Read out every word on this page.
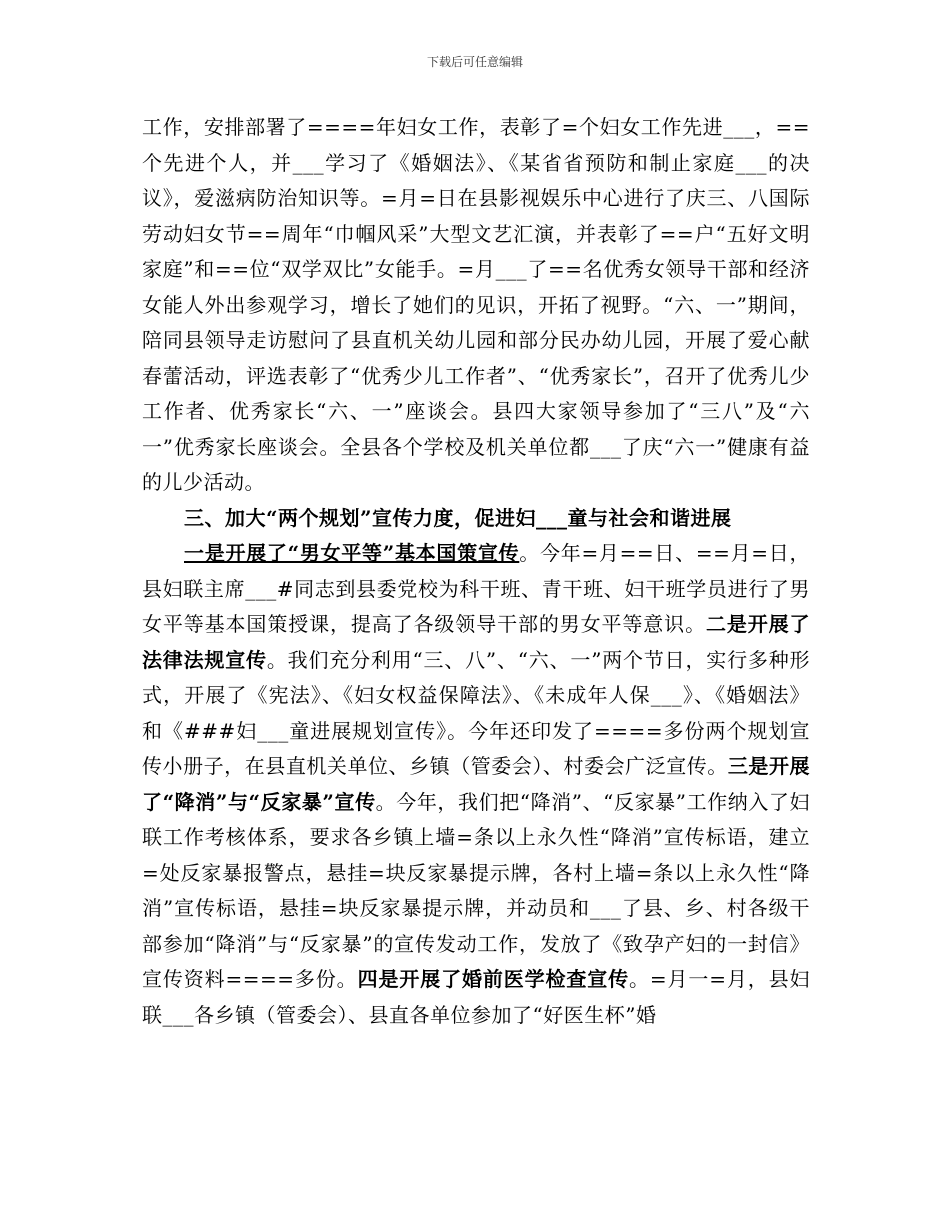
下载后可任意编辑

工作，安排部署了====年妇女工作，表彰了=个妇女工作先进___，==个先进个人，并___学习了《婚姻法》、《某省省预防和制止家庭___的决议》，爱滋病防治知识等。=月=日在县影视娱乐中心进行了庆三、八国际劳动妇女节==周年“巾帼风采”大型文艺汇演，并表彰了==户“五好文明家庭”和==位“双学双比”女能手。=月___了==名优秀女领导干部和经济女能人外出参观学习，增长了她们的见识，开拓了视野。“六、一”期间，陪同县领导走访慰问了县直机关幼儿园和部分民办幼儿园，开展了爱心献春蕾活动，评选表彰了“优秀少儿工作者”、“优秀家长”，召开了优秀儿少工作者、优秀家长“六、一”座谈会。县四大家领导参加了“三八”及“六一”优秀家长座谈会。全县各个学校及机关单位都___了庆“六一”健康有益的儿少活动。

三、加大“两个规划”宣传力度，促进妇___童与社会和谐进展

一是开展了“男女平等”基本国策宣传。今年=月==日、==月=日，县妇联主席___#同志到县委党校为科干班、青干班、妇干班学员进行了男女平等基本国策授课，提高了各级领导干部的男女平等意识。二是开展了法律法规宣传。我们充分利用“三、八”、“六、一”两个节日，实行多种形式，开展了《宪法》、《妇女权益保障法》、《未成年人保___》、《婚姻法》和《###妇___童进展规划宣传》。今年还印发了====多份两个规划宣传小册子，在县直机关单位、乡镇（管委会）、村委会广泛宣传。三是开展了“降消”与“反家暴”宣传。今年，我们把“降消”、“反家暴”工作纳入了妇联工作考核体系，要求各乡镇上墙=条以上永久性“降消”宣传标语，建立=处反家暴报警点，悬挂=块反家暴提示牌，各村上墙=条以上永久性“降消”宣传标语，悬挂=块反家暴提示牌，并动员和___了县、乡、村各级干部参加“降消”与“反家暴”的宣传发动工作，发放了《致孕产妇的一封信》宣传资料====多份。四是开展了婚前医学检查宣传。=月一=月，县妇联___各乡镇（管委会）、县直各单位参加了“好医生杯”婚
